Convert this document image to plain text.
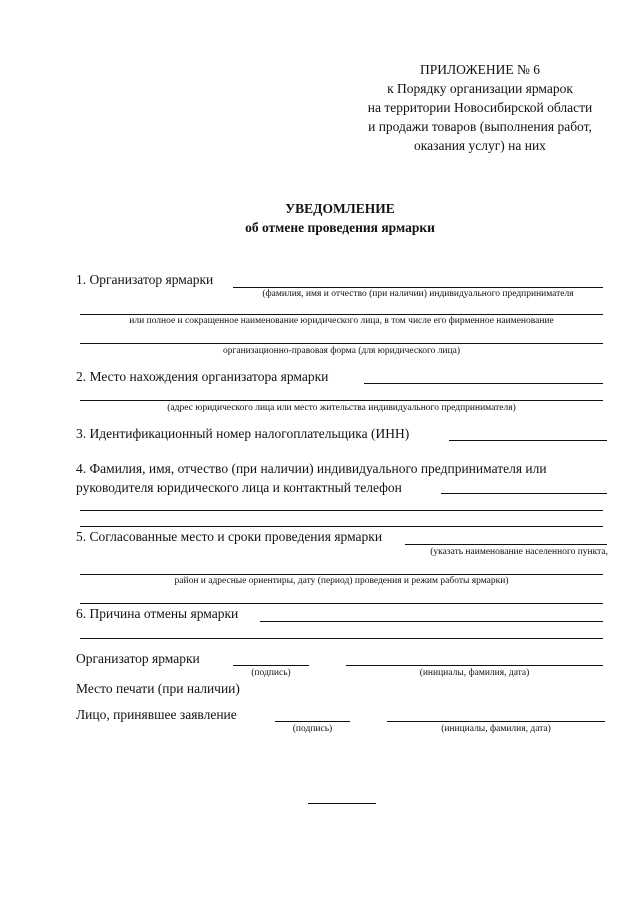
ПРИЛОЖЕНИЕ № 6
к Порядку организации ярмарок
на территории Новосибирской области
и продажи товаров (выполнения работ,
оказания услуг) на них
УВЕДОМЛЕНИЕ
об отмене проведения ярмарки
1. Организатор ярмарки
(фамилия, имя и отчество (при наличии) индивидуального предпринимателя
или полное и сокращенное наименование юридического лица, в том числе его фирменное наименование
организационно-правовая форма (для юридического лица)
2. Место нахождения организатора ярмарки
(адрес юридического лица или место жительства индивидуального предпринимателя)
3. Идентификационный номер налогоплательщика (ИНН)
4. Фамилия, имя, отчество (при наличии) индивидуального предпринимателя или
руководителя юридического лица и контактный телефон
5. Согласованные место и сроки проведения ярмарки
(указать наименование населенного пункта,
район и адресные ориентиры, дату (период) проведения и режим работы ярмарки)
6. Причина отмены ярмарки
Организатор ярмарки
(подпись)	(инициалы, фамилия, дата)
Место печати (при наличии)
Лицо, принявшее заявление
(подпись)	(инициалы, фамилия, дата)
